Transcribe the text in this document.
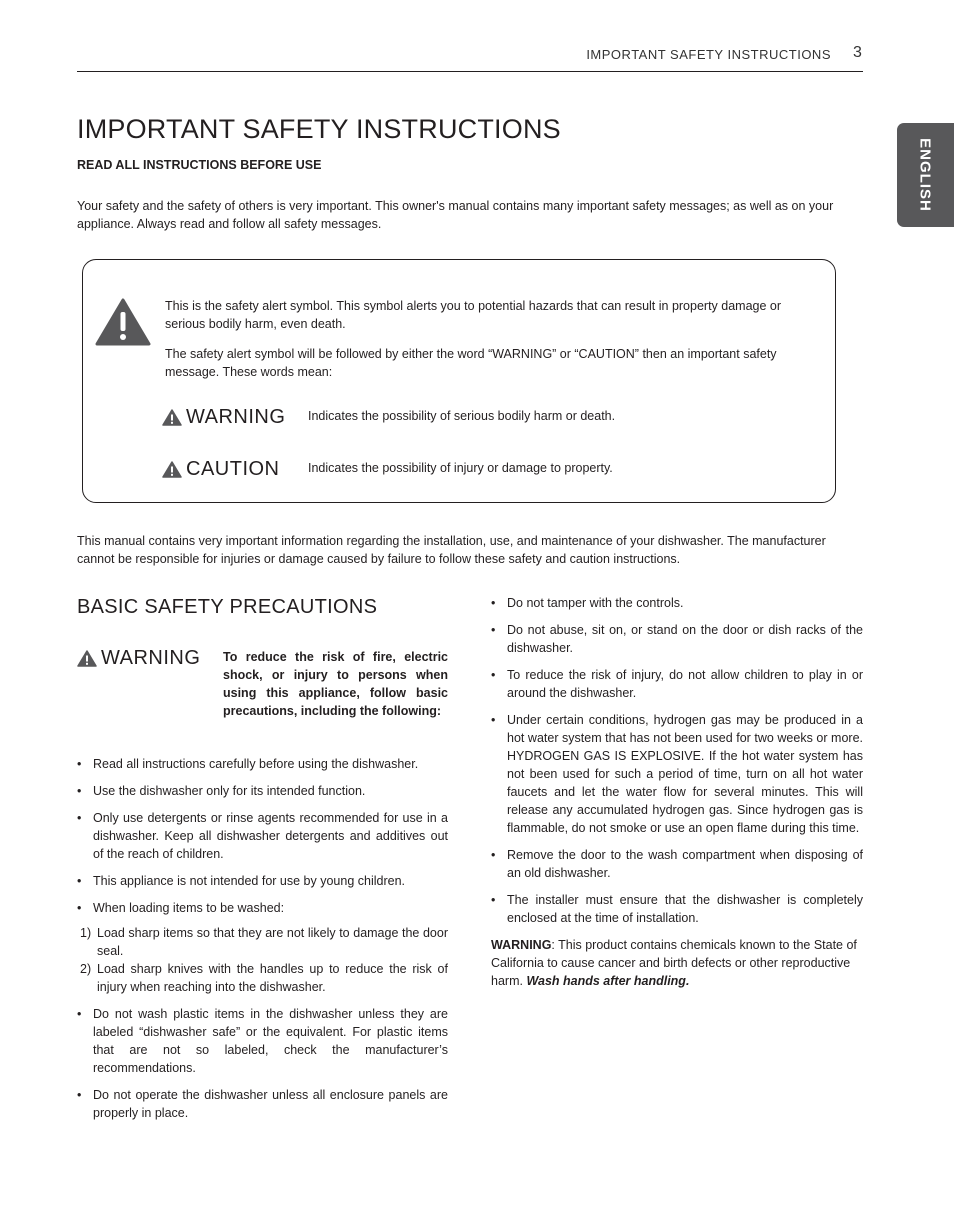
IMPORTANT SAFETY INSTRUCTIONS 3
ENGLISH
IMPORTANT SAFETY INSTRUCTIONS
READ ALL INSTRUCTIONS BEFORE USE

Your safety and the safety of others is very important. This owner's manual contains many important safety messages; as well as on your appliance. Always read and follow all safety messages.

This is the safety alert symbol. This symbol alerts you to potential hazards that can result in property damage or serious bodily harm, even death.

The safety alert symbol will be followed by either the word “WARNING” or “CAUTION” then an important safety message. These words mean:

WARNING Indicates the possibility of serious bodily harm or death.
CAUTION Indicates the possibility of injury or damage to property.

This manual contains very important information regarding the installation, use, and maintenance of your dishwasher. The manufacturer cannot be responsible for injuries or damage caused by failure to follow these safety and caution instructions.

BASIC SAFETY PRECAUTIONS
WARNING To reduce the risk of fire, electric shock, or injury to persons when using this appliance, follow basic precautions, including the following:
• Read all instructions carefully before using the dishwasher.
• Use the dishwasher only for its intended function.
• Only use detergents or rinse agents recommended for use in a dishwasher. Keep all dishwasher detergents and additives out of the reach of children.
• This appliance is not intended for use by young children.
• When loading items to be washed:
1) Load sharp items so that they are not likely to damage the door seal.
2) Load sharp knives with the handles up to reduce the risk of injury when reaching into the dishwasher.
• Do not wash plastic items in the dishwasher unless they are labeled “dishwasher safe” or the equivalent. For plastic items that are not so labeled, check the manufacturer’s recommendations.
• Do not operate the dishwasher unless all enclosure panels are properly in place.
• Do not tamper with the controls.
• Do not abuse, sit on, or stand on the door or dish racks of the dishwasher.
• To reduce the risk of injury, do not allow children to play in or around the dishwasher.
• Under certain conditions, hydrogen gas may be produced in a hot water system that has not been used for two weeks or more. HYDROGEN GAS IS EXPLOSIVE. If the hot water system has not been used for such a period of time, turn on all hot water faucets and let the water flow for several minutes. This will release any accumulated hydrogen gas. Since hydrogen gas is flammable, do not smoke or use an open flame during this time.
• Remove the door to the wash compartment when disposing of an old dishwasher.
• The installer must ensure that the dishwasher is completely enclosed at the time of installation.
WARNING: This product contains chemicals known to the State of California to cause cancer and birth defects or other reproductive harm. Wash hands after handling.
